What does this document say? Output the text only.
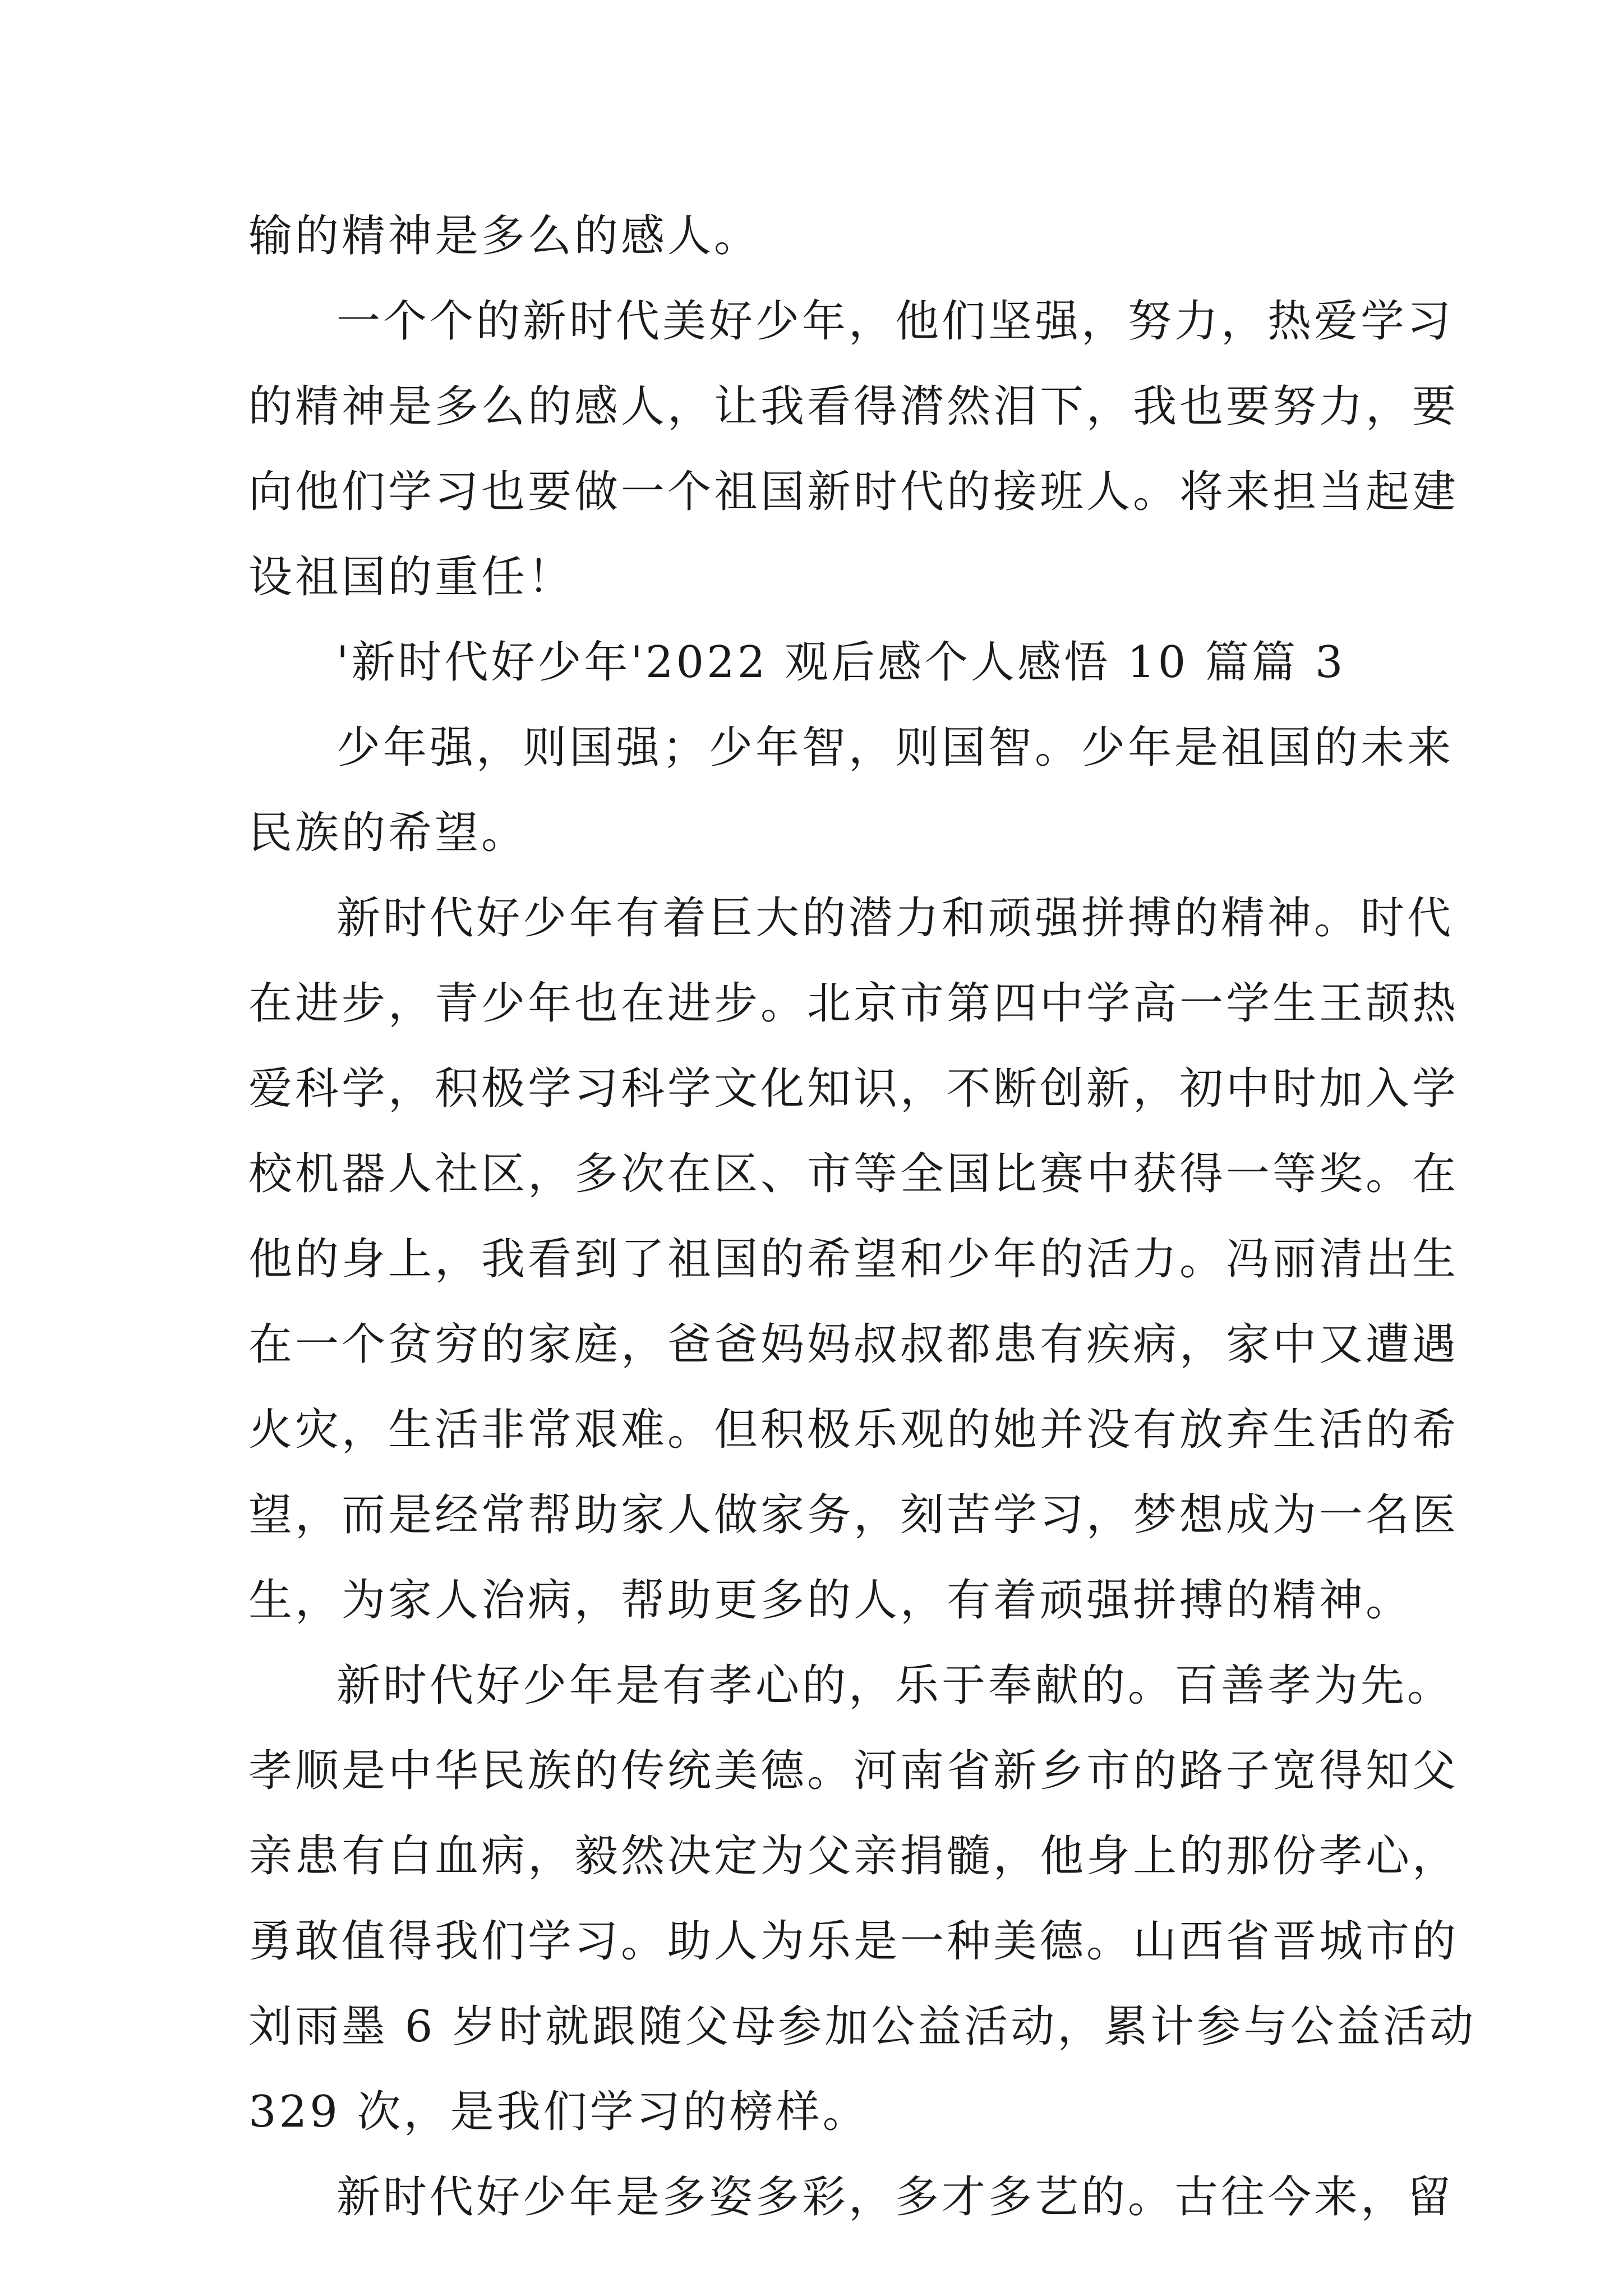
输的精神是多么的感人。
一个个的新时代美好少年，他们坚强，努力，热爱学习
的精神是多么的感人，让我看得潸然泪下，我也要努力，要
向他们学习也要做一个祖国新时代的接班人。将来担当起建
设祖国的重任！
'新时代好少年'2022 观后感个人感悟 10 篇篇 3
少年强，则国强；少年智，则国智。少年是祖国的未来
民族的希望。
新时代好少年有着巨大的潜力和顽强拼搏的精神。时代
在进步，青少年也在进步。北京市第四中学高一学生王颉热
爱科学，积极学习科学文化知识，不断创新，初中时加入学
校机器人社区，多次在区、市等全国比赛中获得一等奖。在
他的身上，我看到了祖国的希望和少年的活力。冯丽清出生
在一个贫穷的家庭，爸爸妈妈叔叔都患有疾病，家中又遭遇
火灾，生活非常艰难。但积极乐观的她并没有放弃生活的希
望，而是经常帮助家人做家务，刻苦学习，梦想成为一名医
生，为家人治病，帮助更多的人，有着顽强拼搏的精神。
新时代好少年是有孝心的，乐于奉献的。百善孝为先。
孝顺是中华民族的传统美德。河南省新乡市的路子宽得知父
亲患有白血病，毅然决定为父亲捐髓，他身上的那份孝心，
勇敢值得我们学习。助人为乐是一种美德。山西省晋城市的
刘雨墨 6 岁时就跟随父母参加公益活动，累计参与公益活动
329 次，是我们学习的榜样。
新时代好少年是多姿多彩，多才多艺的。古往今来，留
